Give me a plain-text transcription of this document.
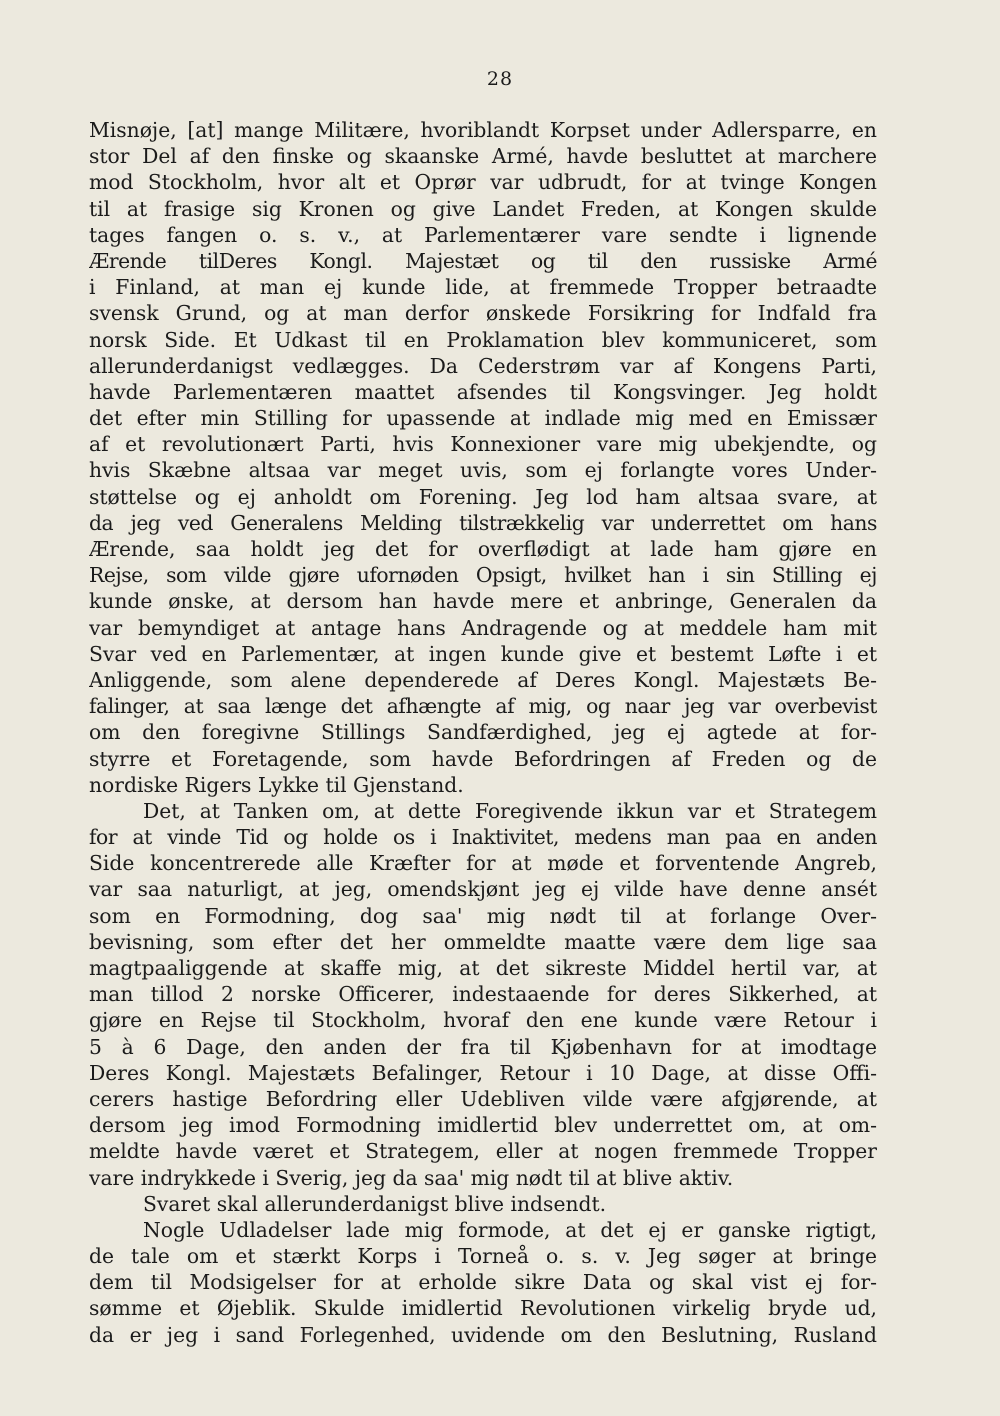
28
Misnøje, [at] mange Militære, hvoriblandt Korpset under Adlersparre, en
stor Del af den finske og skaanske Armé, havde besluttet at marchere
mod Stockholm, hvor alt et Oprør var udbrudt, for at tvinge Kongen
til at frasige sig Kronen og give Landet Freden, at Kongen skulde
tages fangen o. s. v., at Parlementærer vare sendte i lignende
Ærende tilDeres Kongl. Majestæt og til den russiske Armé
i Finland, at man ej kunde lide, at fremmede Tropper betraadte
svensk Grund, og at man derfor ønskede Forsikring for Indfald fra
norsk Side. Et Udkast til en Proklamation blev kommuniceret, som
allerunderdanigst vedlægges. Da Cederstrøm var af Kongens Parti,
havde Parlementæren maattet afsendes til Kongsvinger. Jeg holdt
det efter min Stilling for upassende at indlade mig med en Emissær
af et revolutionært Parti, hvis Konnexioner vare mig ubekjendte, og
hvis Skæbne altsaa var meget uvis, som ej forlangte vores Under-
støttelse og ej anholdt om Forening. Jeg lod ham altsaa svare, at
da jeg ved Generalens Melding tilstrækkelig var underrettet om hans
Ærende, saa holdt jeg det for overflødigt at lade ham gjøre en
Rejse, som vilde gjøre ufornøden Opsigt, hvilket han i sin Stilling ej
kunde ønske, at dersom han havde mere et anbringe, Generalen da
var bemyndiget at antage hans Andragende og at meddele ham mit
Svar ved en Parlementær, at ingen kunde give et bestemt Løfte i et
Anliggende, som alene dependerede af Deres Kongl. Majestæts Be-
falinger, at saa længe det afhængte af mig, og naar jeg var overbevist
om den foregivne Stillings Sandfærdighed, jeg ej agtede at for-
styrre et Foretagende, som havde Befordringen af Freden og de
nordiske Rigers Lykke til Gjenstand.
Det, at Tanken om, at dette Foregivende ikkun var et Strategem
for at vinde Tid og holde os i Inaktivitet, medens man paa en anden
Side koncentrerede alle Kræfter for at møde et forventende Angreb,
var saa naturligt, at jeg, omendskjønt jeg ej vilde have denne ansét
som en Formodning, dog saa' mig nødt til at forlange Over-
bevisning, som efter det her ommeldte maatte være dem lige saa
magtpaaliggende at skaffe mig, at det sikreste Middel hertil var, at
man tillod 2 norske Officerer, indestaaende for deres Sikkerhed, at
gjøre en Rejse til Stockholm, hvoraf den ene kunde være Retour i
5 à 6 Dage, den anden der fra til Kjøbenhavn for at imodtage
Deres Kongl. Majestæts Befalinger, Retour i 10 Dage, at disse Offi-
cerers hastige Befordring eller Udebliven vilde være afgjørende, at
dersom jeg imod Formodning imidlertid blev underrettet om, at om-
meldte havde været et Strategem, eller at nogen fremmede Tropper
vare indrykkede i Sverig, jeg da saa' mig nødt til at blive aktiv.
Svaret skal allerunderdanigst blive indsendt.
Nogle Udladelser lade mig formode, at det ej er ganske rigtigt,
de tale om et stærkt Korps i Torneå o. s. v. Jeg søger at bringe
dem til Modsigelser for at erholde sikre Data og skal vist ej for-
sømme et Øjeblik. Skulde imidlertid Revolutionen virkelig bryde ud,
da er jeg i sand Forlegenhed, uvidende om den Beslutning, Rusland
